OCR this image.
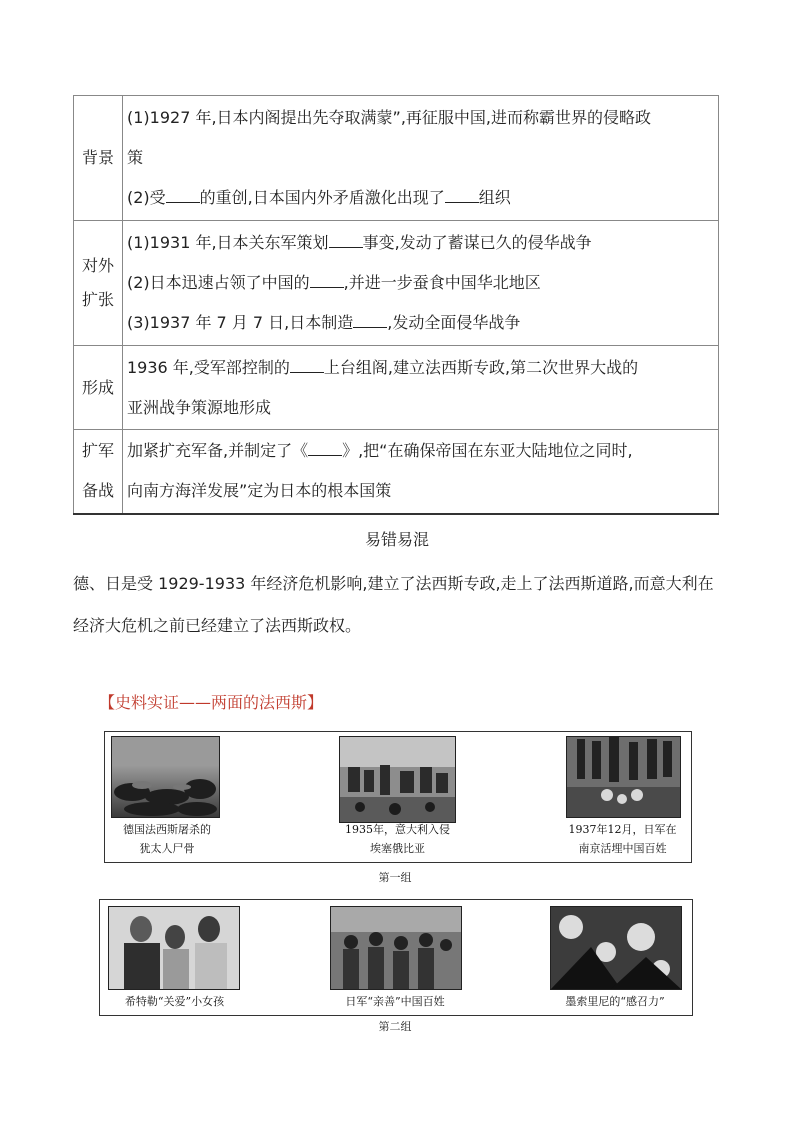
背景	(1)1927 年,日本内阁提出先夺取满蒙”,再征服中国,进而称霸世界的侵略政
策
(2)受 的重创,日本国内外矛盾激化出现了 组织

对外扩张	(1)1931 年,日本关东军策划 事变,发动了蓄谋已久的侵华战争
(2)日本迅速占领了中国的 ,并进一步蚕食中国华北地区
(3)1937 年 7 月 7 日,日本制造 ,发动全面侵华战争

形成	1936 年,受军部控制的 上台组阁,建立法西斯专政,第二次世界大战的
亚洲战争策源地形成

扩军备战	加紧扩充军备,并制定了《 》,把“在确保帝国在东亚大陆地位之同时,
向南方海洋发展”定为日本的根本国策
易错易混
德、日是受 1929-1933 年经济危机影响,建立了法西斯专政,走上了法西斯道路,而意大利在经济大危机之前已经建立了法西斯政权。
【史料实证——两面的法西斯】
德国法西斯屠杀的
犹太人尸骨
1935年，意大利入侵
埃塞俄比亚
1937年12月，日军在
南京活埋中国百姓
第一组
希特勒“关爱”小女孩	日军“亲善”中国百姓	墨索里尼的“感召力”
第二组
